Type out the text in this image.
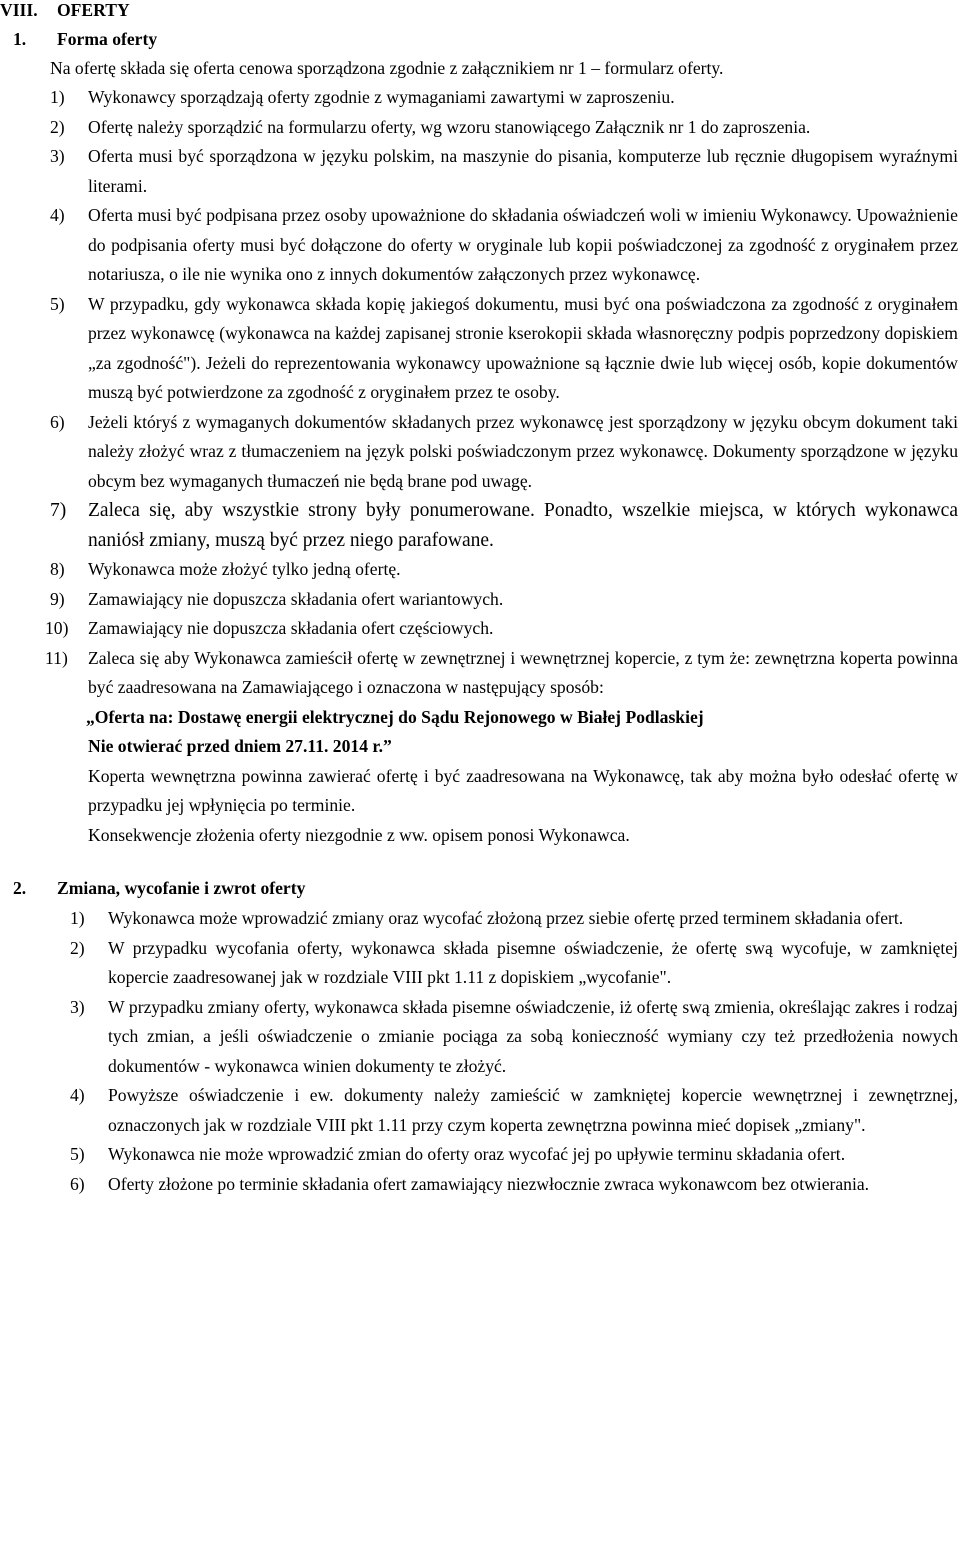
VIII. OFERTY
1. Forma oferty
Na ofertę składa się oferta cenowa sporządzona zgodnie z załącznikiem nr 1 – formularz oferty.
1) Wykonawcy sporządzają oferty zgodnie z wymaganiami zawartymi w zaproszeniu.
2) Ofertę należy sporządzić na formularzu oferty, wg wzoru stanowiącego Załącznik nr 1 do zaproszenia.
3) Oferta musi być sporządzona w języku polskim, na maszynie do pisania, komputerze lub ręcznie długopisem wyraźnymi literami.
4) Oferta musi być podpisana przez osoby upoważnione do składania oświadczeń woli w imieniu Wykonawcy. Upoważnienie do podpisania oferty musi być dołączone do oferty w oryginale lub kopii poświadczonej za zgodność z oryginałem przez notariusza, o ile nie wynika ono z innych dokumentów załączonych przez wykonawcę.
5) W przypadku, gdy wykonawca składa kopię jakiegoś dokumentu, musi być ona poświadczona za zgodność z oryginałem przez wykonawcę (wykonawca na każdej zapisanej stronie kserokopii składa własnoręczny podpis poprzedzony dopiskiem „za zgodność"). Jeżeli do reprezentowania wykonawcy upoważnione są łącznie dwie lub więcej osób, kopie dokumentów muszą być potwierdzone za zgodność z oryginałem przez te osoby.
6) Jeżeli któryś z wymaganych dokumentów składanych przez wykonawcę jest sporządzony w języku obcym dokument taki należy złożyć wraz z tłumaczeniem na język polski poświadczonym przez wykonawcę. Dokumenty sporządzone w języku obcym bez wymaganych tłumaczeń nie będą brane pod uwagę.
7) Zaleca się, aby wszystkie strony były ponumerowane. Ponadto, wszelkie miejsca, w których wykonawca naniósł zmiany, muszą być przez niego parafowane.
8) Wykonawca może złożyć tylko jedną ofertę.
9) Zamawiający nie dopuszcza składania ofert wariantowych.
10) Zamawiający nie dopuszcza składania ofert częściowych.
11) Zaleca się aby Wykonawca zamieścił ofertę w zewnętrznej i wewnętrznej kopercie, z tym że: zewnętrzna koperta powinna być zaadresowana na Zamawiającego i oznaczona w następujący sposób:
„Oferta na: Dostawę energii elektrycznej do Sądu Rejonowego w Białej Podlaskiej
Nie otwierać przed dniem 27.11. 2014 r.”
Koperta wewnętrzna powinna zawierać ofertę i być zaadresowana na Wykonawcę, tak aby można było odesłać ofertę w przypadku jej wpłynięcia po terminie.
Konsekwencje złożenia oferty niezgodnie z ww. opisem ponosi Wykonawca.
2. Zmiana, wycofanie i zwrot oferty
1) Wykonawca może wprowadzić zmiany oraz wycofać złożoną przez siebie ofertę przed terminem składania ofert.
2) W przypadku wycofania oferty, wykonawca składa pisemne oświadczenie, że ofertę swą wycofuje, w zamkniętej kopercie zaadresowanej jak w rozdziale VIII pkt 1.11 z dopiskiem „wycofanie".
3) W przypadku zmiany oferty, wykonawca składa pisemne oświadczenie, iż ofertę swą zmienia, określając zakres i rodzaj tych zmian, a jeśli oświadczenie o zmianie pociąga za sobą konieczność wymiany czy też przedłożenia nowych dokumentów - wykonawca winien dokumenty te złożyć.
4) Powyższe oświadczenie i ew. dokumenty należy zamieścić w zamkniętej kopercie wewnętrznej i zewnętrznej, oznaczonych jak w rozdziale VIII pkt 1.11 przy czym koperta zewnętrzna powinna mieć dopisek „zmiany".
5) Wykonawca nie może wprowadzić zmian do oferty oraz wycofać jej po upływie terminu składania ofert.
6) Oferty złożone po terminie składania ofert zamawiający niezwłocznie zwraca wykonawcom bez otwierania.
